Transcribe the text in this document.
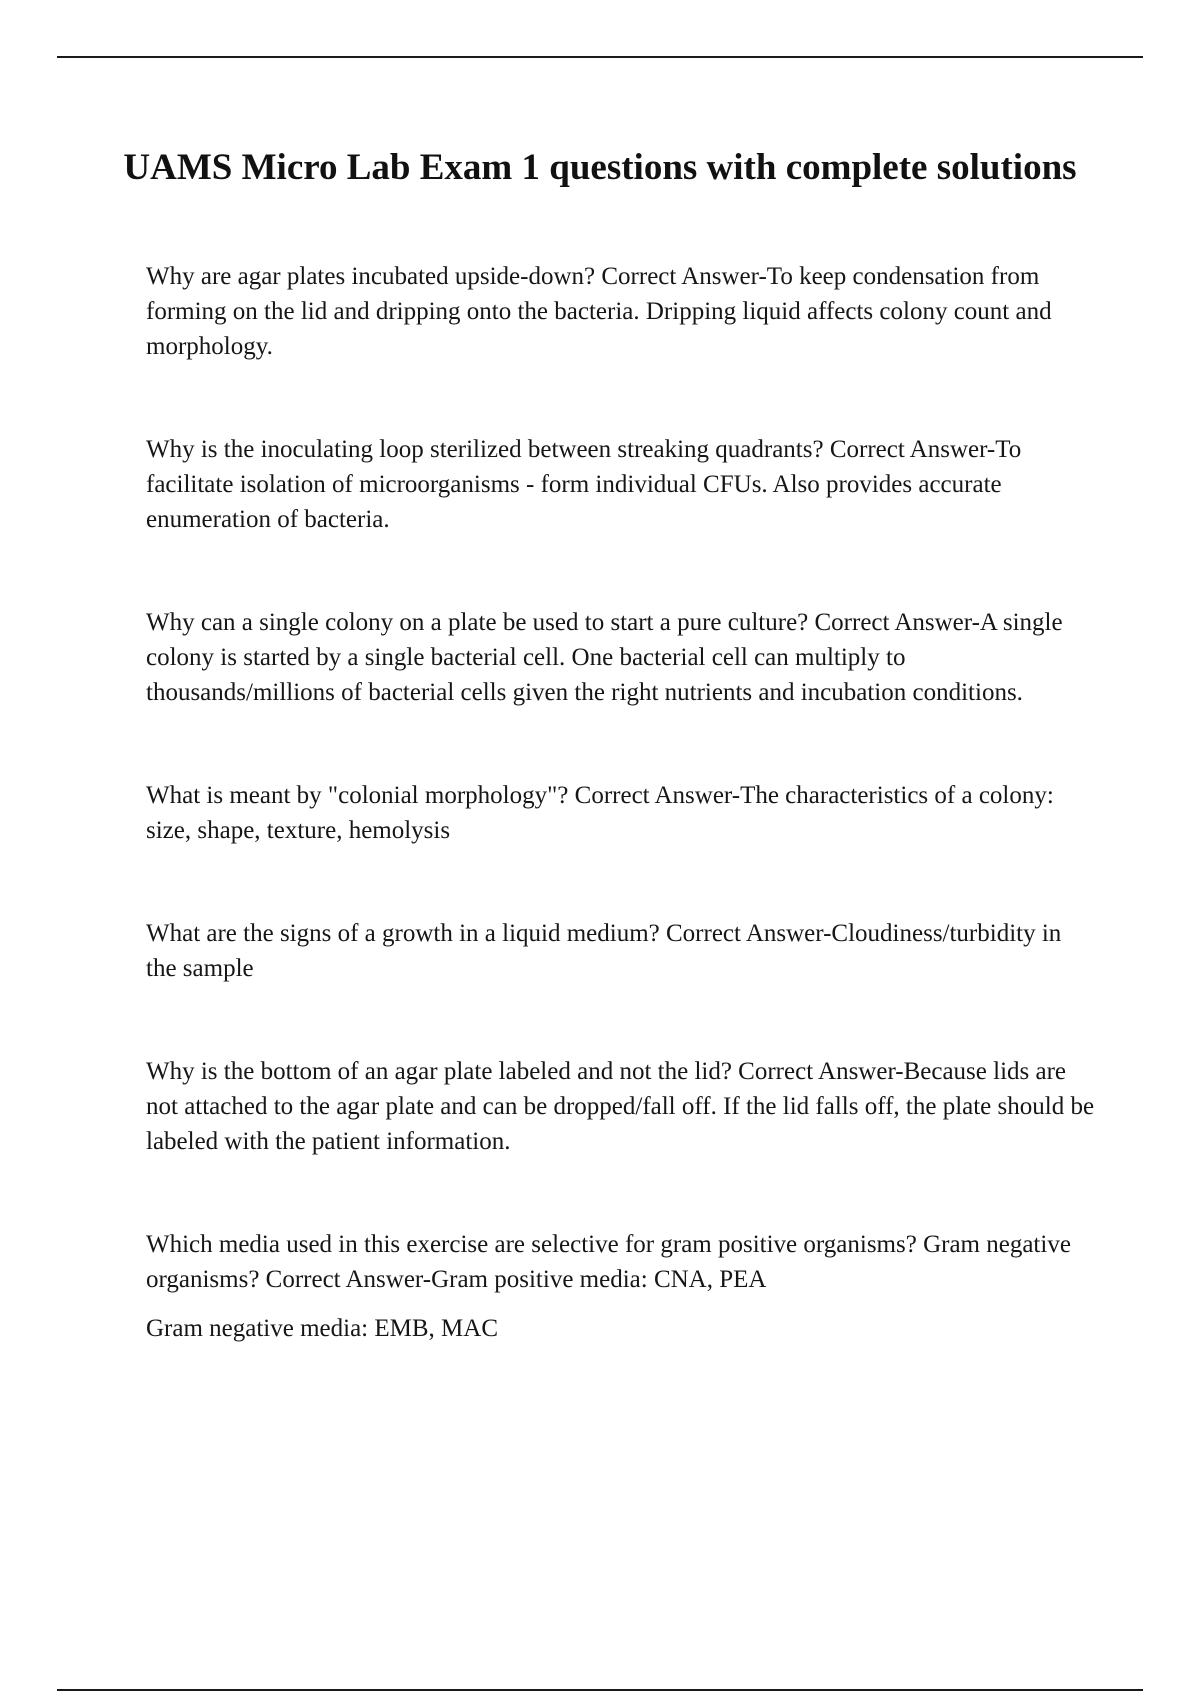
UAMS Micro Lab Exam 1 questions with complete solutions

Why are agar plates incubated upside-down? Correct Answer-To keep condensation from forming on the lid and dripping onto the bacteria. Dripping liquid affects colony count and morphology.

Why is the inoculating loop sterilized between streaking quadrants? Correct Answer-To facilitate isolation of microorganisms - form individual CFUs. Also provides accurate enumeration of bacteria.

Why can a single colony on a plate be used to start a pure culture? Correct Answer-A single colony is started by a single bacterial cell. One bacterial cell can multiply to thousands/millions of bacterial cells given the right nutrients and incubation conditions.

What is meant by "colonial morphology"? Correct Answer-The characteristics of a colony: size, shape, texture, hemolysis

What are the signs of a growth in a liquid medium? Correct Answer-Cloudiness/turbidity in the sample

Why is the bottom of an agar plate labeled and not the lid? Correct Answer-Because lids are not attached to the agar plate and can be dropped/fall off. If the lid falls off, the plate should be labeled with the patient information.

Which media used in this exercise are selective for gram positive organisms? Gram negative organisms? Correct Answer-Gram positive media: CNA, PEA

Gram negative media: EMB, MAC
